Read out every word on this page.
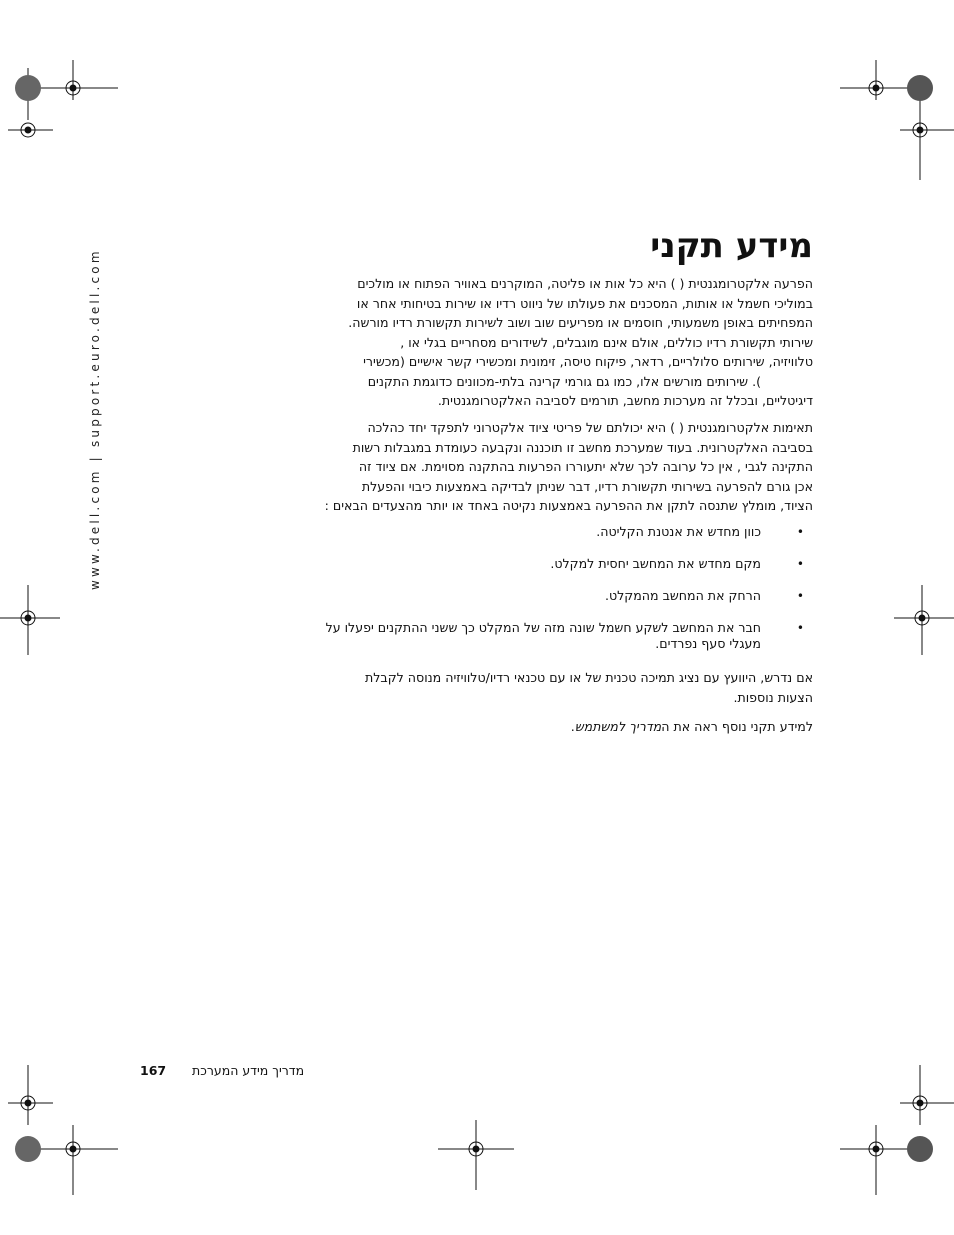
www.dell.com | support.euro.dell.com
מידע תקני
הפרעה אלקטרומגנטית ( ) היא כל אות או פליטה, המוקרנים באוויר הפתוח או מולכים
במוליכי חשמל או אותות, המסכנים את פעולתו של ניווט רדיו או שירות בטיחותי אחר או
המפחיתים באופן משמעותי, חוסמים או מפריעים שוב ושוב לשירות תקשורת רדיו מורשה.
שירותי תקשורת רדיו כוללים, אולם אינם מוגבלים, לשידורים מסחריים בגלי או ,
טלוויזיה, שירותים סלולריים, רדאר, פיקוח טיסה, זימונית ומכשירי קשר אישיים (מכשירי
). שירותים מורשים אלו, כמו גם גורמי קרינה בלתי-מכוונים כדוגמת התקנים
דיגיטליים, ובכלל זה מערכות מחשב, תורמים לסביבה האלקטרומגנטית.
תאימות אלקטרומגנטית ( ) היא יכולתם של פריטי ציוד אלקטרוני לתפקד יחד כהלכה
בסביבה האלקטרונית. בעוד שמערכת מחשב זו תוכננה ונקבעה כעומדת במגבלות רשות
התקינה לגבי , אין כל ערובה לכך שלא יתעוררו הפרעות בהתקנה מסוימת. אם ציוד זה
אכן גורם להפרעה בשירותי תקשורת רדיו, דבר שניתן לבדיקה באמצעות כיבוי והפעלת
הציוד, מומלץ שתנסה לתקן את ההפרעה באמצעות נקיטה באחד או יותר מהצעדים הבאים :
•
כוון מחדש את אנטנת הקליטה.
•
מקם מחדש את המחשב יחסית למקלט.
•
הרחק את המחשב מהמקלט.
•
חבר את המחשב לשקע חשמל שונה מזה של המקלט כך ששני ההתקנים יפעלו על מעגלי סעף נפרדים.
אם נדרש, היוועץ עם נציג תמיכה טכנית של או עם טכנאי רדיו/טלוויזיה מנוסה לקבלת
הצעות נוספות.
למידע תקני נוסף ראה את המדריך למשתמש.
167 מדריך מידע המערכת
